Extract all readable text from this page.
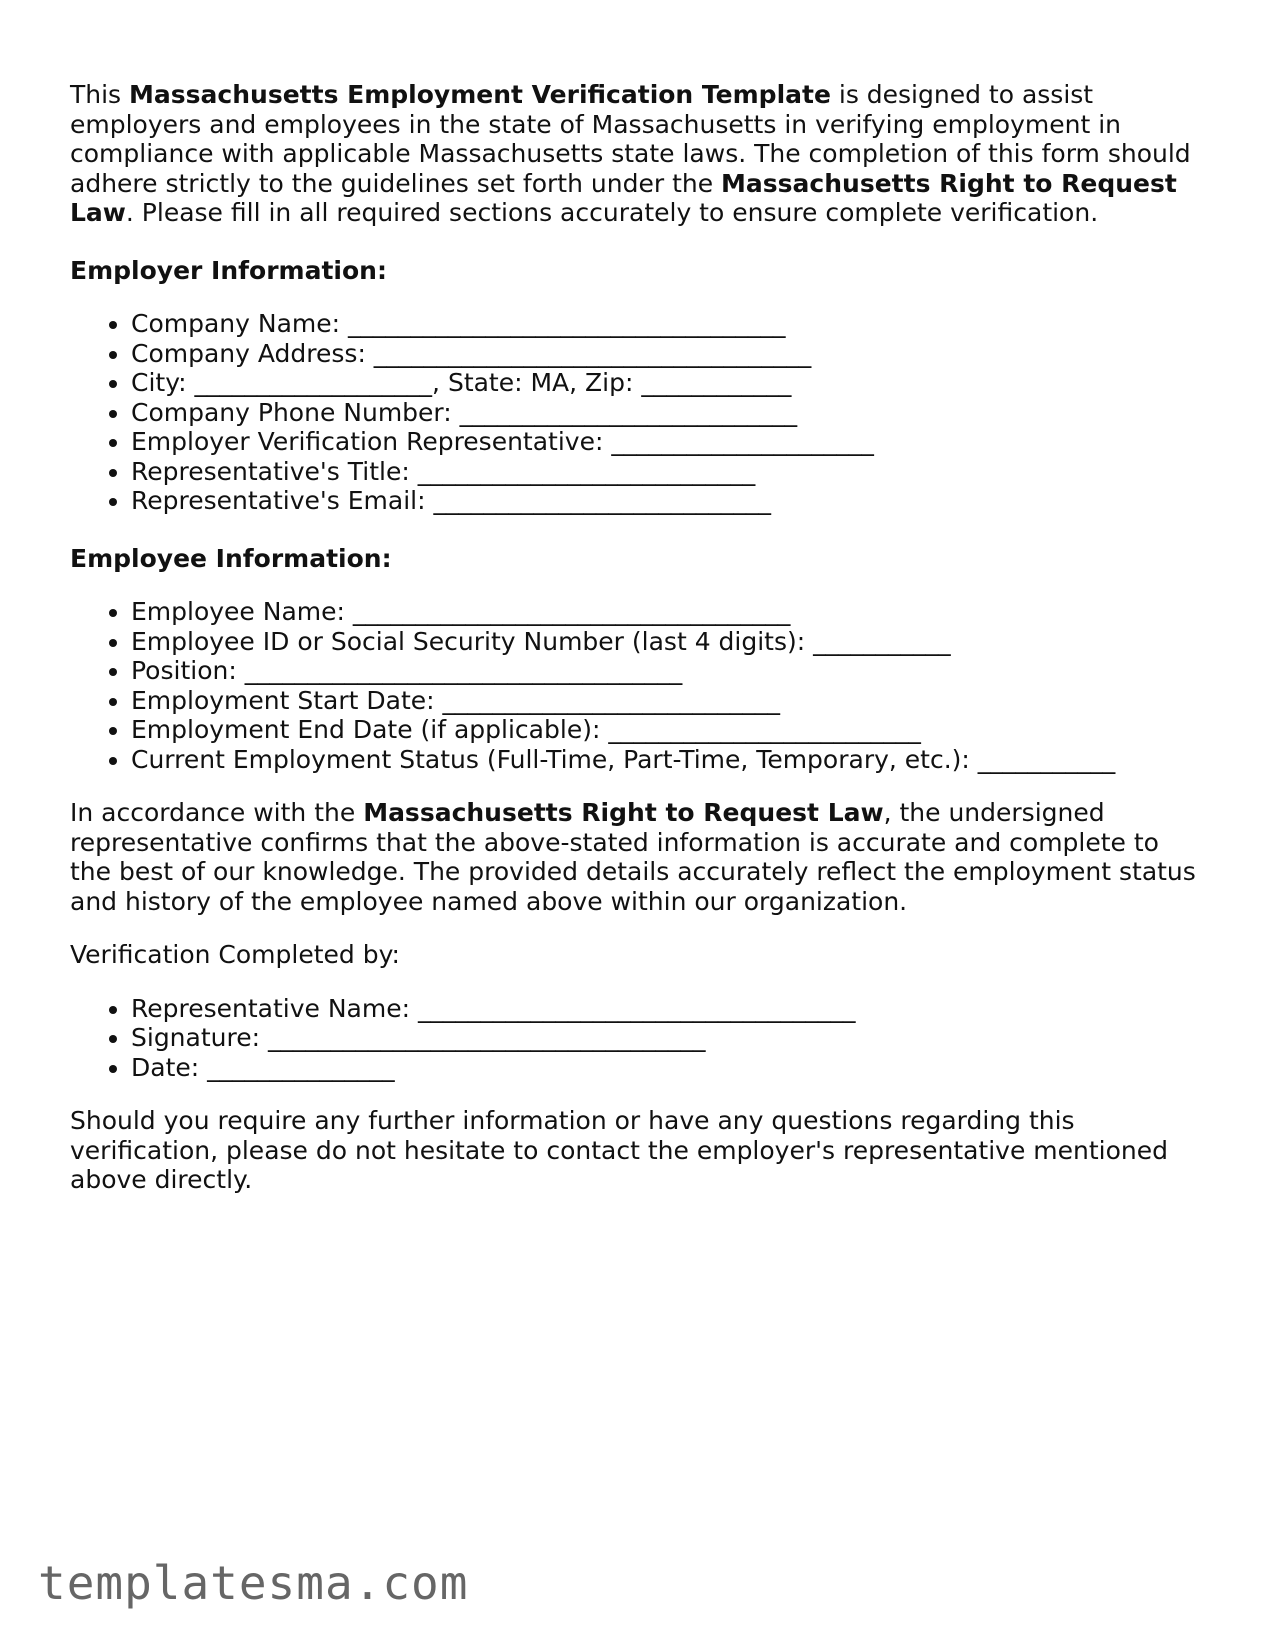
This Massachusetts Employment Verification Template is designed to assist employers and employees in the state of Massachusetts in verifying employment in compliance with applicable Massachusetts state laws. The completion of this form should adhere strictly to the guidelines set forth under the Massachusetts Right to Request Law. Please fill in all required sections accurately to ensure complete verification.

Employer Information:
• Company Name: ___________________________________
• Company Address: ___________________________________
• City: ___________________, State: MA, Zip: ____________
• Company Phone Number: ___________________________
• Employer Verification Representative: _____________________
• Representative's Title: ___________________________
• Representative's Email: ___________________________
Employee Information:
• Employee Name: ___________________________________
• Employee ID or Social Security Number (last 4 digits): ___________
• Position: ___________________________________
• Employment Start Date: ___________________________
• Employment End Date (if applicable): _________________________
• Current Employment Status (Full-Time, Part-Time, Temporary, etc.): ___________

In accordance with the Massachusetts Right to Request Law, the undersigned representative confirms that the above-stated information is accurate and complete to the best of our knowledge. The provided details accurately reflect the employment status and history of the employee named above within our organization.

Verification Completed by:

• Representative Name: ___________________________________
• Signature: ___________________________________
• Date: _______________

Should you require any further information or have any questions regarding this verification, please do not hesitate to contact the employer's representative mentioned above directly.

templatesma.com
